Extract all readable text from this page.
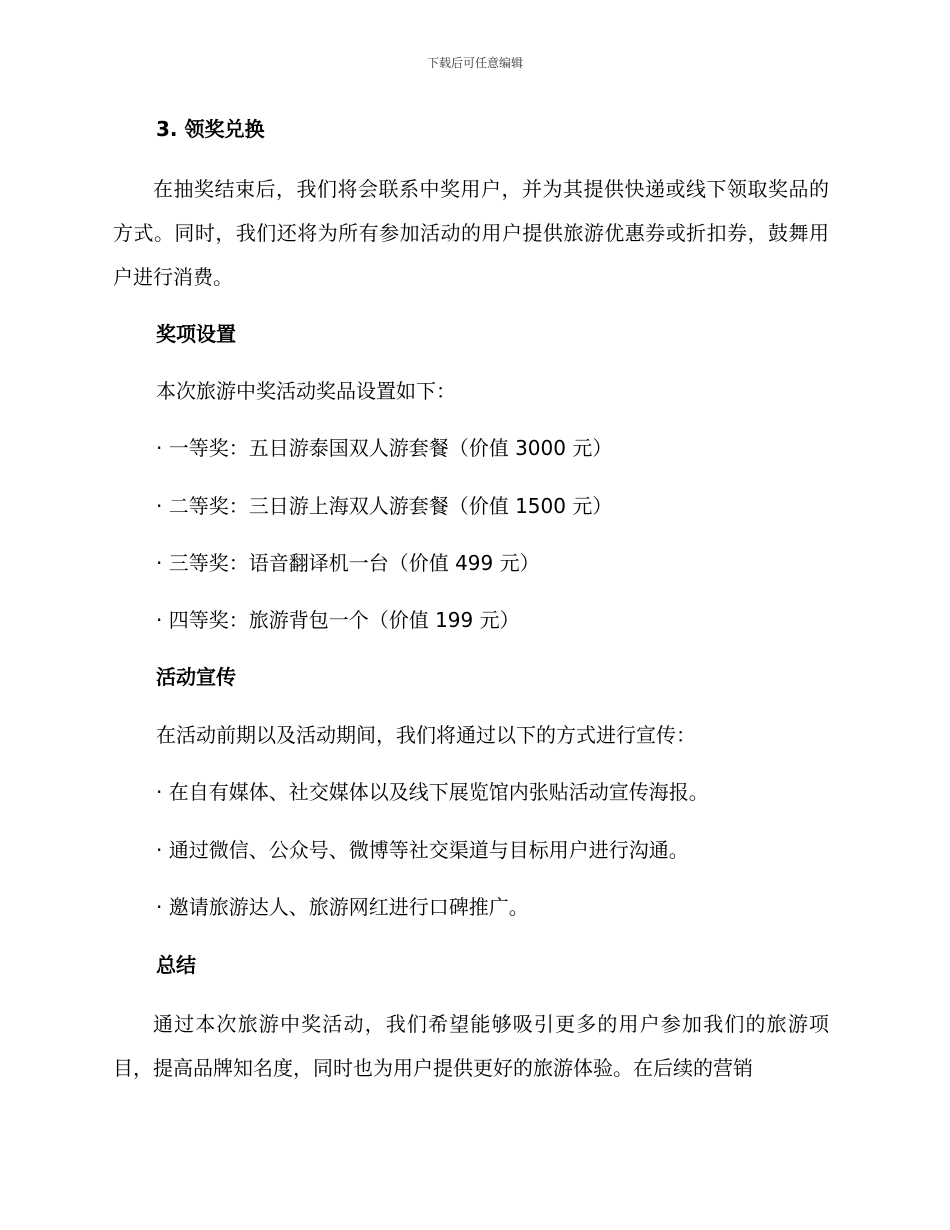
下载后可任意编辑
3. 领奖兑换
在抽奖结束后，我们将会联系中奖用户，并为其提供快递或线下领取奖品的方式。同时，我们还将为所有参加活动的用户提供旅游优惠券或折扣券，鼓舞用户进行消费。
奖项设置
本次旅游中奖活动奖品设置如下：
· 一等奖：五日游泰国双人游套餐（价值 3000 元）
· 二等奖：三日游上海双人游套餐（价值 1500 元）
· 三等奖：语音翻译机一台（价值 499 元）
· 四等奖：旅游背包一个（价值 199 元）
活动宣传
在活动前期以及活动期间，我们将通过以下的方式进行宣传：
· 在自有媒体、社交媒体以及线下展览馆内张贴活动宣传海报。
· 通过微信、公众号、微博等社交渠道与目标用户进行沟通。
· 邀请旅游达人、旅游网红进行口碑推广。
总结
通过本次旅游中奖活动，我们希望能够吸引更多的用户参加我们的旅游项目，提高品牌知名度，同时也为用户提供更好的旅游体验。在后续的营销
